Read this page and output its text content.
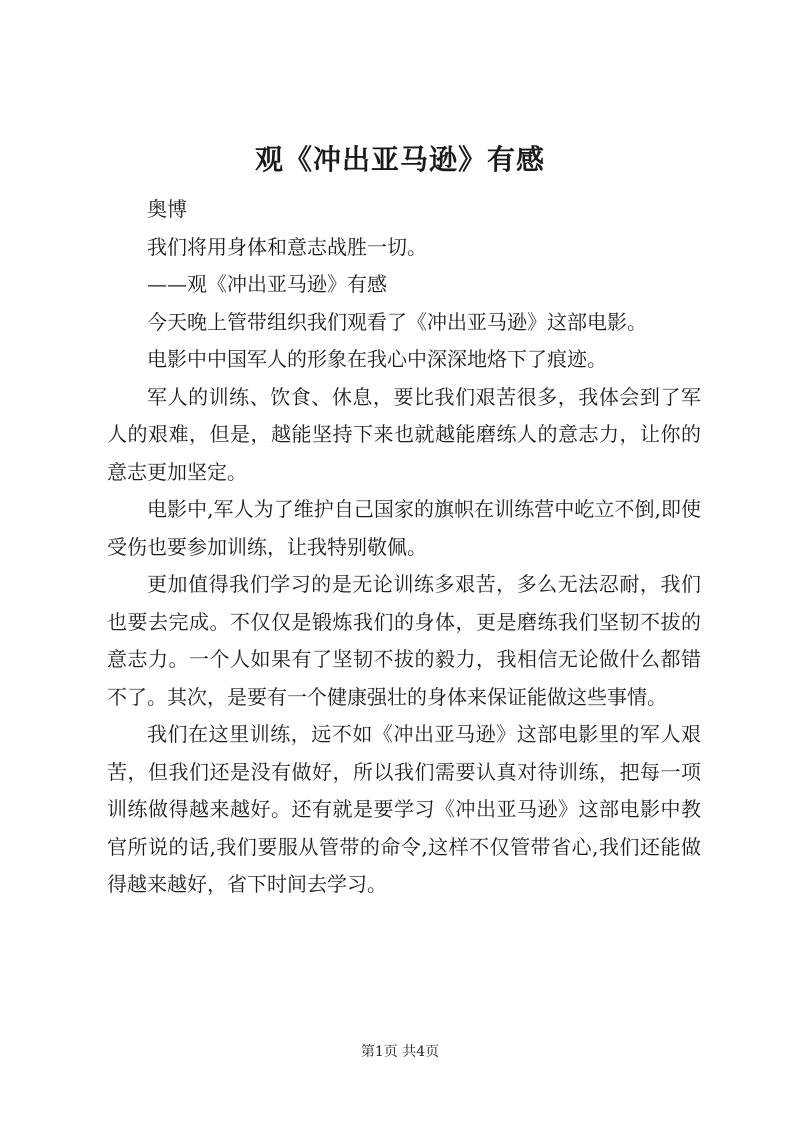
观《冲出亚马逊》有感

奥博

我们将用身体和意志战胜一切。

——观《冲出亚马逊》有感

今天晚上管带组织我们观看了《冲出亚马逊》这部电影。

电影中中国军人的形象在我心中深深地烙下了痕迹。

军人的训练、饮食、休息，要比我们艰苦很多，我体会到了军人的艰难，但是，越能坚持下来也就越能磨练人的意志力，让你的意志更加坚定。

电影中,军人为了维护自己国家的旗帜在训练营中屹立不倒,即使受伤也要参加训练，让我特别敬佩。

更加值得我们学习的是无论训练多艰苦，多么无法忍耐，我们也要去完成。不仅仅是锻炼我们的身体，更是磨练我们坚韧不拔的意志力。一个人如果有了坚韧不拔的毅力，我相信无论做什么都错不了。其次，是要有一个健康强壮的身体来保证能做这些事情。

我们在这里训练，远不如《冲出亚马逊》这部电影里的军人艰苦，但我们还是没有做好，所以我们需要认真对待训练，把每一项训练做得越来越好。还有就是要学习《冲出亚马逊》这部电影中教官所说的话,我们要服从管带的命令,这样不仅管带省心,我们还能做得越来越好，省下时间去学习。

第1页 共4页
